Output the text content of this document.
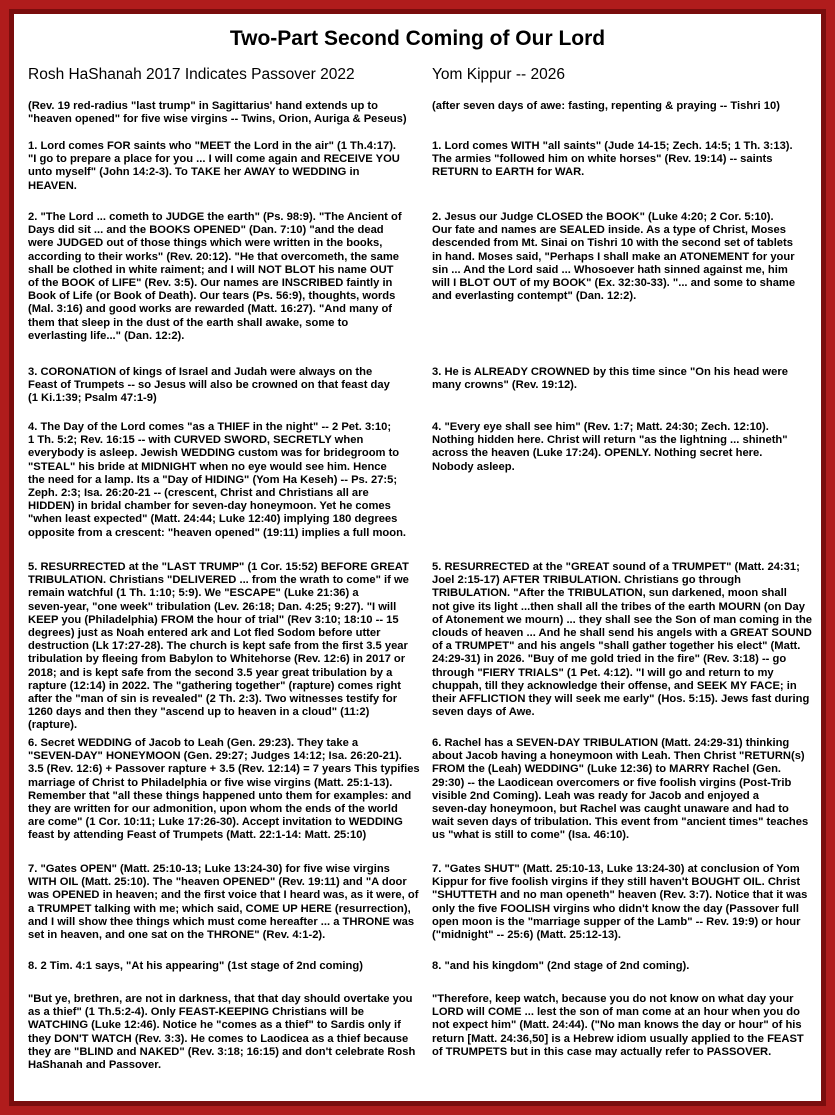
Two-Part Second Coming of Our Lord
Rosh HaShanah 2017 Indicates Passover 2022	Yom Kippur -- 2026

(Rev. 19 red-radius "last trump" in Sagittarius' hand extends up to
"heaven opened" for five wise virgins -- Twins, Orion, Auriga & Peseus)

1. Lord comes FOR saints who "MEET the Lord in the air" (1 Th.4:17).
"I go to prepare a place for you ... I will come again and RECEIVE YOU
unto myself" (John 14:2-3). To TAKE her AWAY to WEDDING in
HEAVEN.

2. "The Lord ... cometh to JUDGE the earth" (Ps. 98:9). "The Ancient of
Days did sit ... and the BOOKS OPENED" (Dan. 7:10) "and the dead
were JUDGED out of those things which were written in the books,
according to their works" (Rev. 20:12). "He that overcometh, the same
shall be clothed in white raiment; and I will NOT BLOT his name OUT
of the BOOK of LIFE" (Rev. 3:5). Our names are INSCRIBED faintly in
Book of Life (or Book of Death). Our tears (Ps. 56:9), thoughts, words
(Mal. 3:16) and good works are rewarded (Matt. 16:27). "And many of
them that sleep in the dust of the earth shall awake, some to
everlasting life..." (Dan. 12:2).

3. CORONATION of kings of Israel and Judah were always on the
Feast of Trumpets -- so Jesus will also be crowned on that feast day
(1 Ki.1:39; Psalm 47:1-9)

4. The Day of the Lord comes "as a THIEF in the night" -- 2 Pet. 3:10;
1 Th. 5:2; Rev. 16:15 -- with CURVED SWORD, SECRETLY when
everybody is asleep. Jewish WEDDING custom was for bridegroom to
"STEAL" his bride at MIDNIGHT when no eye would see him. Hence
the need for a lamp. Its a "Day of HIDING" (Yom Ha Keseh) -- Ps. 27:5;
Zeph. 2:3; Isa. 26:20-21 -- (crescent, Christ and Christians all are
HIDDEN) in bridal chamber for seven-day honeymoon. Yet he comes
"when least expected" (Matt. 24:44; Luke 12:40) implying 180 degrees
opposite from a crescent: "heaven opened" (19:11) implies a full moon.

5. RESURRECTED at the "LAST TRUMP" (1 Cor. 15:52) BEFORE GREAT
TRIBULATION. Christians "DELIVERED ... from the wrath to come" if we
remain watchful (1 Th. 1:10; 5:9). We "ESCAPE" (Luke 21:36) a
seven-year, "one week" tribulation (Lev. 26:18; Dan. 4:25; 9:27). "I will
KEEP you (Philadelphia) FROM the hour of trial" (Rev 3:10; 18:10 -- 15
degrees) just as Noah entered ark and Lot fled Sodom before utter
destruction (Lk 17:27-28). The church is kept safe from the first 3.5 year
tribulation by fleeing from Babylon to Whitehorse (Rev. 12:6) in 2017 or
2018; and is kept safe from the second 3.5 year great tribulation by a
rapture (12:14) in 2022. The "gathering together" (rapture) comes right
after the "man of sin is revealed" (2 Th. 2:3). Two witnesses testify for
1260 days and then they "ascend up to heaven in a cloud" (11:2) (rapture).

6. Secret WEDDING of Jacob to Leah (Gen. 29:23). They take a
"SEVEN-DAY" HONEYMOON (Gen. 29:27; Judges 14:12; Isa. 26:20-21).
3.5 (Rev. 12:6) + Passover rapture + 3.5 (Rev. 12:14) = 7 years This typifies
marriage of Christ to Philadelphia or five wise virgins (Matt. 25:1-13).
Remember that "all these things happened unto them for examples: and
they are written for our admonition, upon whom the ends of the world
are come" (1 Cor. 10:11; Luke 17:26-30). Accept invitation to WEDDING
feast by attending Feast of Trumpets (Matt. 22:1-14: Matt. 25:10)

7. "Gates OPEN" (Matt. 25:10-13; Luke 13:24-30) for five wise virgins
WITH OIL (Matt. 25:10). The "heaven OPENED" (Rev. 19:11) and "A door
was OPENED in heaven; and the first voice that I heard was, as it were, of
a TRUMPET talking with me; which said, COME UP HERE (resurrection),
and I will show thee things which must come hereafter ... a THRONE was
set in heaven, and one sat on the THRONE" (Rev. 4:1-2).

8. 2 Tim. 4:1 says, "At his appearing" (1st stage of 2nd coming)

"But ye, brethren, are not in darkness, that that day should overtake you
as a thief" (1 Th.5:2-4). Only FEAST-KEEPING Christians will be
WATCHING (Luke 12:46). Notice he "comes as a thief" to Sardis only if
they DON'T WATCH (Rev. 3:3). He comes to Laodicea as a thief because
they are "BLIND and NAKED" (Rev. 3:18; 16:15) and don't celebrate Rosh
HaShanah and Passover.

(after seven days of awe: fasting, repenting & praying -- Tishri 10)

1. Lord comes WITH "all saints" (Jude 14-15; Zech. 14:5; 1 Th. 3:13).
The armies "followed him on white horses" (Rev. 19:14) -- saints
RETURN to EARTH for WAR.

2. Jesus our Judge CLOSED the BOOK" (Luke 4:20; 2 Cor. 5:10).
Our fate and names are SEALED inside. As a type of Christ, Moses
descended from Mt. Sinai on Tishri 10 with the second set of tablets
in hand. Moses said, "Perhaps I shall make an ATONEMENT for your
sin ... And the Lord said ... Whosoever hath sinned against me, him
will I BLOT OUT of my BOOK" (Ex. 32:30-33). "... and some to shame
and everlasting contempt" (Dan. 12:2).

3. He is ALREADY CROWNED by this time since "On his head were
many crowns" (Rev. 19:12).

4. "Every eye shall see him" (Rev. 1:7; Matt. 24:30; Zech. 12:10).
Nothing hidden here. Christ will return "as the lightning ... shineth"
across the heaven (Luke 17:24). OPENLY. Nothing secret here.
Nobody asleep.

5. RESURRECTED at the "GREAT sound of a TRUMPET" (Matt. 24:31;
Joel 2:15-17) AFTER TRIBULATION. Christians go through
TRIBULATION. "After the TRIBULATION, sun darkened, moon shall
not give its light ...then shall all the tribes of the earth MOURN (on Day
of Atonement we mourn) ... they shall see the Son of man coming in the
clouds of heaven ... And he shall send his angels with a GREAT SOUND
of a TRUMPET" and his angels "shall gather together his elect" (Matt.
24:29-31) in 2026. "Buy of me gold tried in the fire" (Rev. 3:18) -- go
through "FIERY TRIALS" (1 Pet. 4:12). "I will go and return to my
chuppah, till they acknowledge their offense, and SEEK MY FACE; in
their AFFLICTION they will seek me early" (Hos. 5:15). Jews fast during
seven days of Awe.

6. Rachel has a SEVEN-DAY TRIBULATION (Matt. 24:29-31) thinking
about Jacob having a honeymoon with Leah. Then Christ "RETURN(s)
FROM the (Leah) WEDDING" (Luke 12:36) to MARRY Rachel (Gen.
29:30) -- the Laodicean overcomers or five foolish virgins (Post-Trib
visible 2nd Coming). Leah was ready for Jacob and enjoyed a
seven-day honeymoon, but Rachel was caught unaware and had to
wait seven days of tribulation. This event from "ancient times" teaches
us "what is still to come" (Isa. 46:10).

7. "Gates SHUT" (Matt. 25:10-13, Luke 13:24-30) at conclusion of Yom
Kippur for five foolish virgins if they still haven't BOUGHT OIL. Christ
"SHUTTETH and no man openeth" heaven (Rev. 3:7). Notice that it was
only the five FOOLISH virgins who didn't know the day (Passover full
open moon is the "marriage supper of the Lamb" -- Rev. 19:9) or hour
("midnight" -- 25:6) (Matt. 25:12-13).

8. "and his kingdom" (2nd stage of 2nd coming).

"Therefore, keep watch, because you do not know on what day your
LORD will COME ... lest the son of man come at an hour when you do
not expect him" (Matt. 24:44). ("No man knows the day or hour" of his
return [Matt. 24:36,50] is a Hebrew idiom usually applied to the FEAST
of TRUMPETS but in this case may actually refer to PASSOVER.
